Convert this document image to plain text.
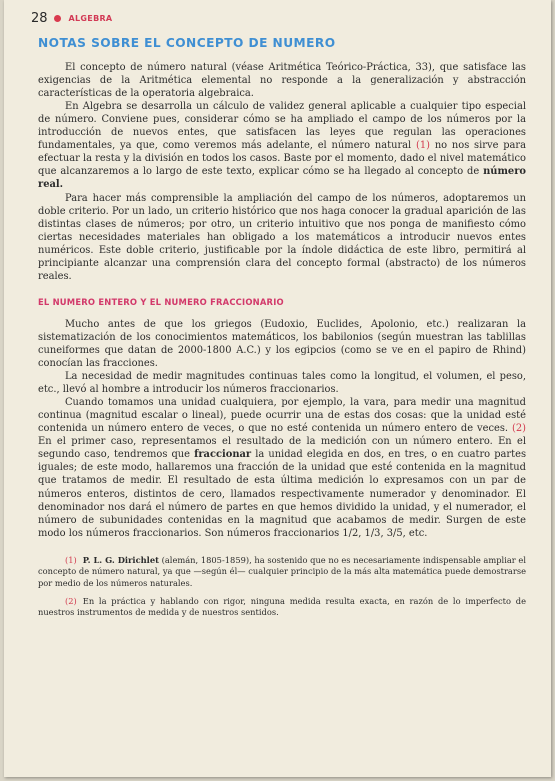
28	ALGEBRA
NOTAS SOBRE EL CONCEPTO DE NUMERO

El concepto de número natural (véase Aritmética Teórico-Práctica, 33), que satisface las exigencias de la Aritmética elemental no responde a la generalización y abstracción características de la operatoria algebraica.

En Algebra se desarrolla un cálculo de validez general aplicable a cualquier tipo especial de número. Conviene pues, considerar cómo se ha ampliado el campo de los números por la introducción de nuevos entes, que satisfacen las leyes que regulan las operaciones fundamentales, ya que, como veremos más adelante, el número natural (1) no nos sirve para efectuar la resta y la división en todos los casos. Baste por el momento, dado el nivel matemático que alcanzaremos a lo largo de este texto, explicar cómo se ha llegado al concepto de número real.

Para hacer más comprensible la ampliación del campo de los números, adoptaremos un doble criterio. Por un lado, un criterio histórico que nos haga conocer la gradual aparición de las distintas clases de números; por otro, un criterio intuitivo que nos ponga de manifiesto cómo ciertas necesidades materiales han obligado a los matemáticos a introducir nuevos entes numéricos. Este doble criterio, justificable por la índole didáctica de este libro, permitirá al principiante alcanzar una comprensión clara del concepto formal (abstracto) de los números reales.

EL NUMERO ENTERO Y EL NUMERO FRACCIONARIO

Mucho antes de que los griegos (Eudoxio, Euclides, Apolonio, etc.) realizaran la sistematización de los conocimientos matemáticos, los babilonios (según muestran las tablillas cuneiformes que datan de 2000-1800 A.C.) y los egipcios (como se ve en el papiro de Rhind) conocían las fracciones.

La necesidad de medir magnitudes continuas tales como la longitud, el volumen, el peso, etc., llevó al hombre a introducir los números fraccionarios.

Cuando tomamos una unidad cualquiera, por ejemplo, la vara, para medir una magnitud continua (magnitud escalar o lineal), puede ocurrir una de estas dos cosas: que la unidad esté contenida un número entero de veces, o que no esté contenida un número entero de veces. (2) En el primer caso, representamos el resultado de la medición con un número entero. En el segundo caso, tendremos que fraccionar la unidad elegida en dos, en tres, o en cuatro partes iguales; de este modo, hallaremos una fracción de la unidad que esté contenida en la magnitud que tratamos de medir. El resultado de esta última medición lo expresamos con un par de números enteros, distintos de cero, llamados respectivamente numerador y denominador. El denominador nos dará el número de partes en que hemos dividido la unidad, y el numerador, el número de subunidades contenidas en la magnitud que acabamos de medir. Surgen de este modo los números fraccionarios. Son números fraccionarios 1/2, 1/3, 3/5, etc.

(1) P. L. G. Dirichlet (alemán, 1805-1859), ha sostenido que no es necesariamente indispensable ampliar el concepto de número natural, ya que —según él— cualquier principio de la más alta matemática puede demostrarse por medio de los números naturales.

(2) En la práctica y hablando con rigor, ninguna medida resulta exacta, en razón de lo imperfecto de nuestros instrumentos de medida y de nuestros sentidos.
